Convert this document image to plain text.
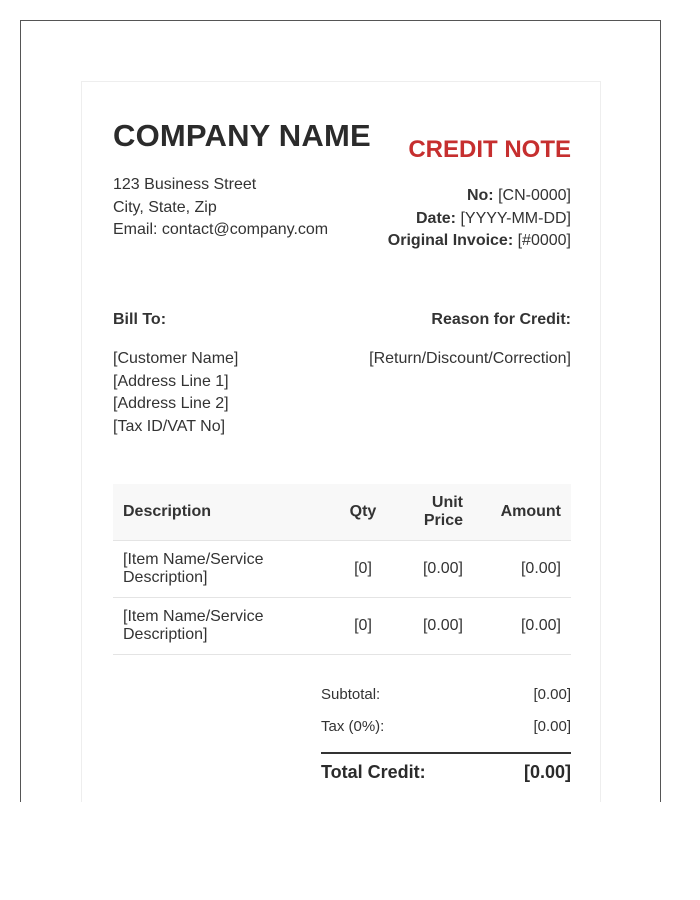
COMPANY NAME CREDIT NOTE
123 Business Street
City, State, Zip
Email: contact@company.com
No: [CN-0000]
Date: [YYYY-MM-DD]
Original Invoice: [#0000]
Bill To:	Reason for Credit:
[Customer Name]
[Address Line 1]
[Address Line 2]
[Tax ID/VAT No]
[Return/Discount/Correction]
Description	Qty	Unit Price	Amount
[Item Name/Service Description]	[0]	[0.00]	[0.00]
[Item Name/Service Description]	[0]	[0.00]	[0.00]
Subtotal:	[0.00]
Tax (0%):	[0.00]
Total Credit:	[0.00]
